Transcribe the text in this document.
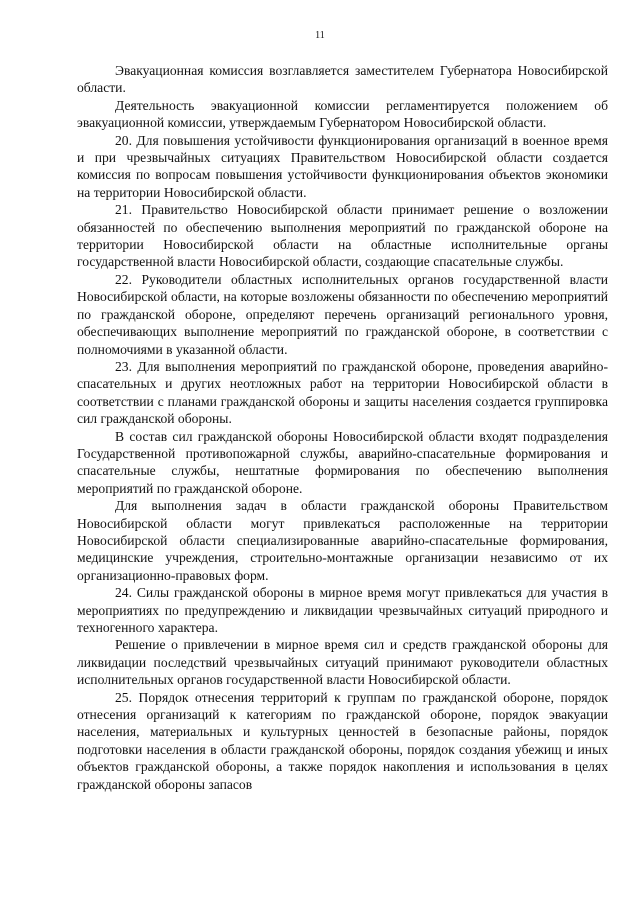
11

Эвакуационная комиссия возглавляется заместителем Губернатора Новосибирской области.

Деятельность эвакуационной комиссии регламентируется положением об эвакуационной комиссии, утверждаемым Губернатором Новосибирской области.

20. Для повышения устойчивости функционирования организаций в военное время и при чрезвычайных ситуациях Правительством Новосибирской области создается комиссия по вопросам повышения устойчивости функционирования объектов экономики на территории Новосибирской области.

21. Правительство Новосибирской области принимает решение о возложении обязанностей по обеспечению выполнения мероприятий по гражданской обороне на территории Новосибирской области на областные исполнительные органы государственной власти Новосибирской области, создающие спасательные службы.

22. Руководители областных исполнительных органов государственной власти Новосибирской области, на которые возложены обязанности по обеспечению мероприятий по гражданской обороне, определяют перечень организаций регионального уровня, обеспечивающих выполнение мероприятий по гражданской обороне, в соответствии с полномочиями в указанной области.

23. Для выполнения мероприятий по гражданской обороне, проведения аварийно-спасательных и других неотложных работ на территории Новосибирской области в соответствии с планами гражданской обороны и защиты населения создается группировка сил гражданской обороны.

В состав сил гражданской обороны Новосибирской области входят подразделения Государственной противопожарной службы, аварийно-спасательные формирования и спасательные службы, нештатные формирования по обеспечению выполнения мероприятий по гражданской обороне.

Для выполнения задач в области гражданской обороны Правительством Новосибирской области могут привлекаться расположенные на территории Новосибирской области специализированные аварийно-спасательные формирования, медицинские учреждения, строительно-монтажные организации независимо от их организационно-правовых форм.

24. Силы гражданской обороны в мирное время могут привлекаться для участия в мероприятиях по предупреждению и ликвидации чрезвычайных ситуаций природного и техногенного характера.

Решение о привлечении в мирное время сил и средств гражданской обороны для ликвидации последствий чрезвычайных ситуаций принимают руководители областных исполнительных органов государственной власти Новосибирской области.

25. Порядок отнесения территорий к группам по гражданской обороне, порядок отнесения организаций к категориям по гражданской обороне, порядок эвакуации населения, материальных и культурных ценностей в безопасные районы, порядок подготовки населения в области гражданской обороны, порядок создания убежищ и иных объектов гражданской обороны, а также порядок накопления и использования в целях гражданской обороны запасов
